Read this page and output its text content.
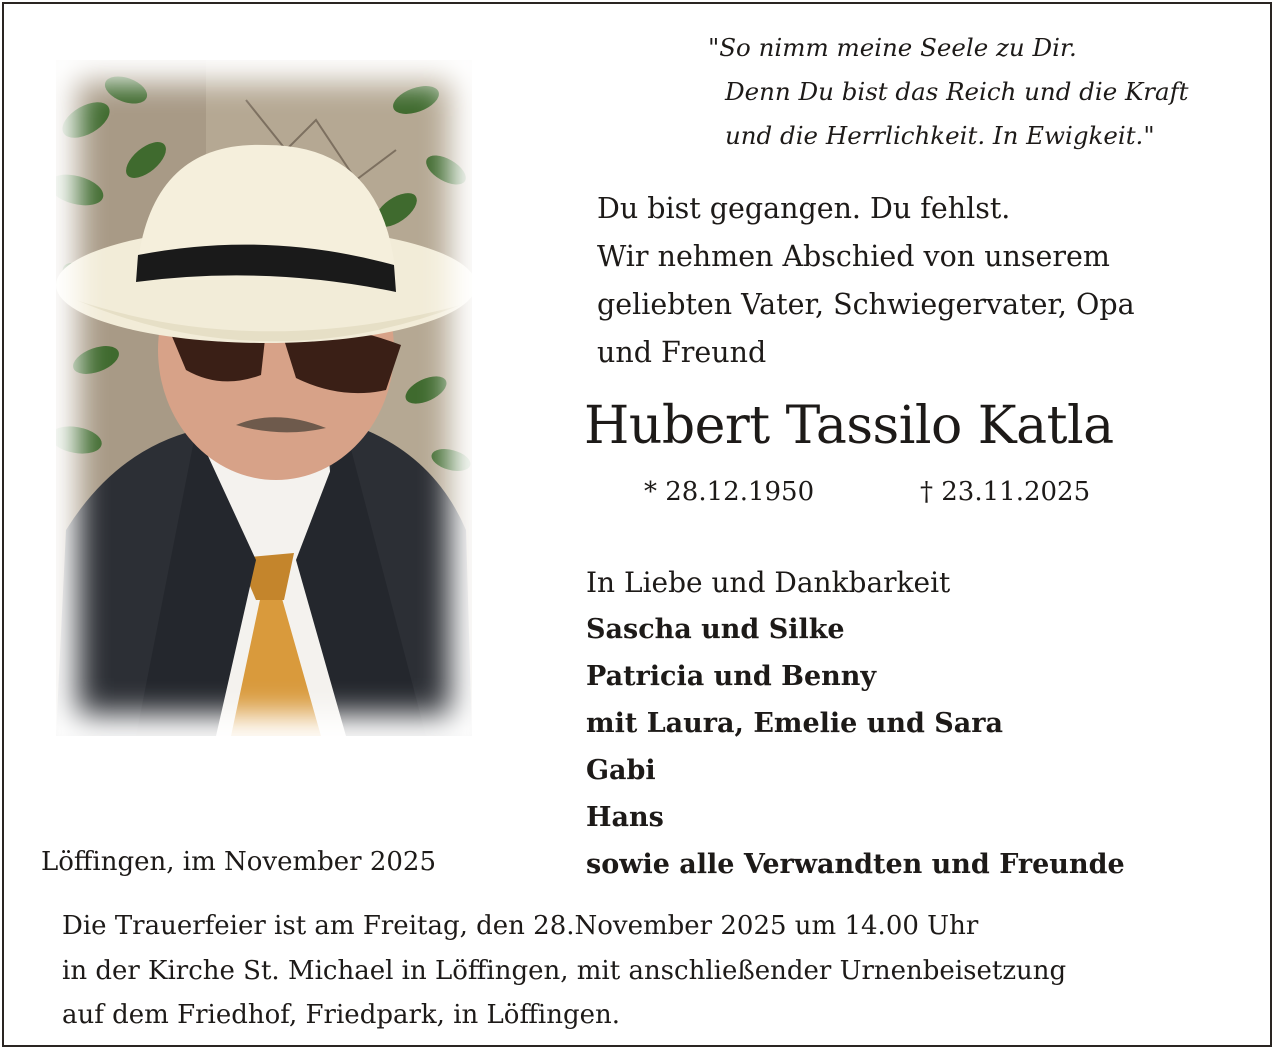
"So nimm meine Seele zu Dir.
Denn Du bist das Reich und die Kraft
und die Herrlichkeit. In Ewigkeit."
Du bist gegangen. Du fehlst.
Wir nehmen Abschied von unserem
geliebten Vater, Schwiegervater, Opa
und Freund
Hubert Tassilo Katla
* 28.12.1950	† 23.11.2025
In Liebe und Dankbarkeit
Sascha und Silke
Patricia und Benny
mit Laura, Emelie und Sara
Gabi
Hans
sowie alle Verwandten und Freunde
Löffingen, im November 2025
Die Trauerfeier ist am Freitag, den 28.November 2025 um 14.00 Uhr
in der Kirche St. Michael in Löffingen, mit anschließender Urnenbeisetzung
auf dem Friedhof, Friedpark, in Löffingen.
